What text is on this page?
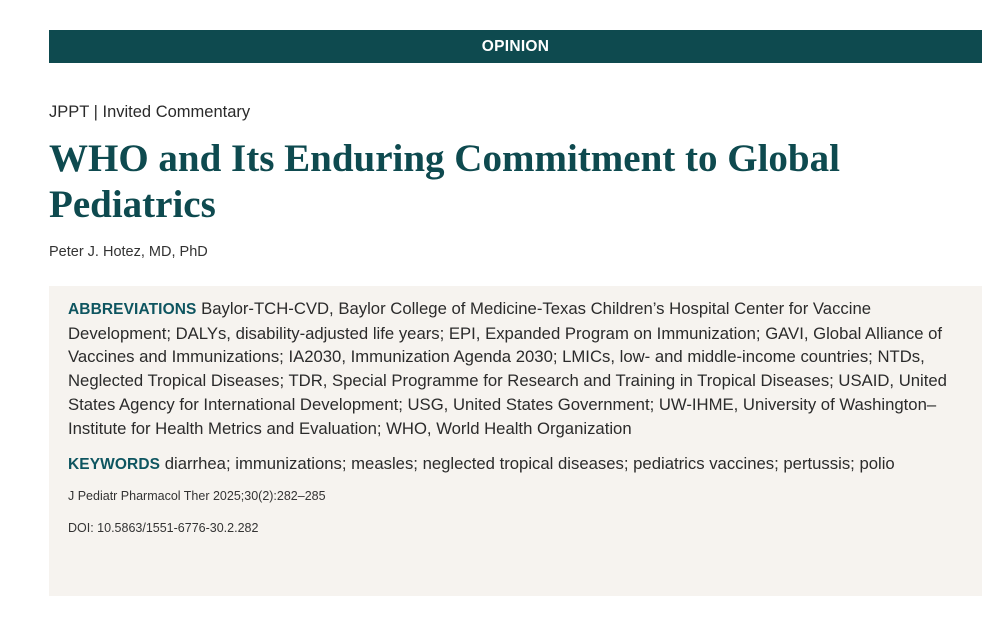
OPINION
JPPT | Invited Commentary
WHO and Its Enduring Commitment to Global Pediatrics
Peter J. Hotez, MD, PhD

ABBREVIATIONS Baylor-TCH-CVD, Baylor College of Medicine-Texas Children’s Hospital Center for Vaccine Development; DALYs, disability-adjusted life years; EPI, Expanded Program on Immunization; GAVI, Global Alliance of Vaccines and Immunizations; IA2030, Immunization Agenda 2030; LMICs, low- and middle-income countries; NTDs, Neglected Tropical Diseases; TDR, Special Programme for Research and Training in Tropical Diseases; USAID, United States Agency for International Development; USG, United States Government; UW-IHME, University of Washington–Institute for Health Metrics and Evaluation; WHO, World Health Organization

KEYWORDS diarrhea; immunizations; measles; neglected tropical diseases; pediatrics vaccines; pertussis; polio

J Pediatr Pharmacol Ther 2025;30(2):282–285

DOI: 10.5863/1551-6776-30.2.282
